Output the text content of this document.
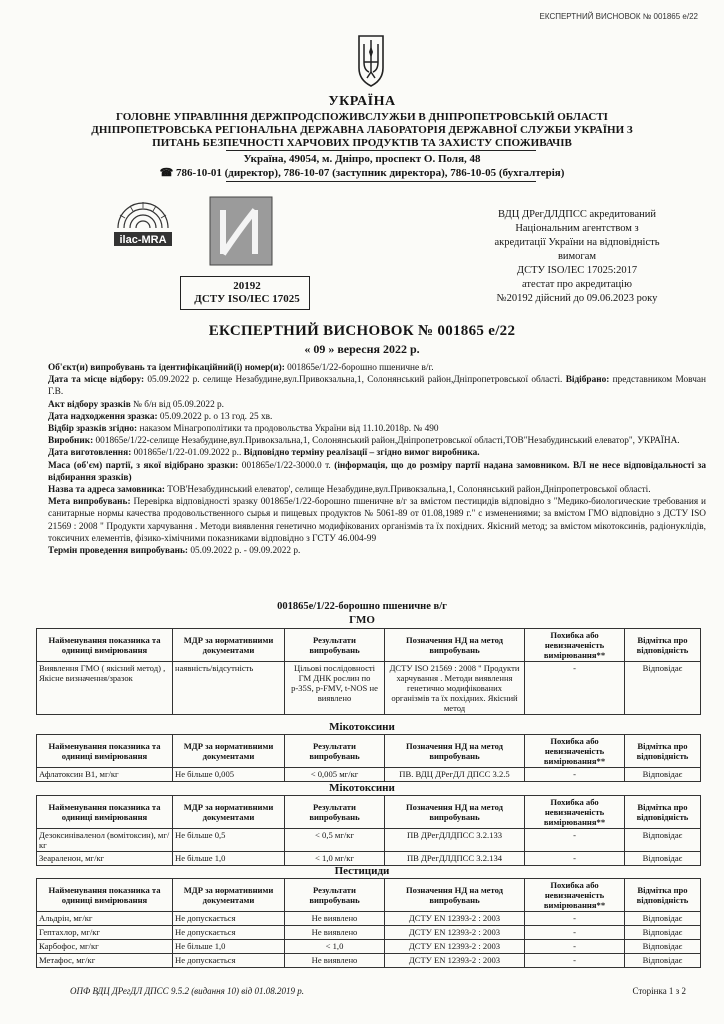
ЕКСПЕРТНИЙ ВИСНОВОК № 001865 е/22
УКРАЇНА
ГОЛОВНЕ УПРАВЛІННЯ ДЕРЖПРОДСПОЖИВСЛУЖБИ В ДНІПРОПЕТРОВСЬКІЙ ОБЛАСТІ
ДНІПРОПЕТРОВСЬКА РЕГІОНАЛЬНА ДЕРЖАВНА ЛАБОРАТОРІЯ ДЕРЖАВНОЇ СЛУЖБИ УКРАЇНИ З
ПИТАНЬ БЕЗПЕЧНОСТІ ХАРЧОВИХ ПРОДУКТІВ ТА ЗАХИСТУ СПОЖИВАЧІВ
Україна, 49054, м. Дніпро, проспект О. Поля, 48
☎ 786-10-01 (директор), 786-10-07 (заступник директора), 786-10-05 (бухгалтерія)
ilac-MRA
20192
ДСТУ ISO/IEC 17025
ВДЦ ДРегДЛДПСС акредитований
Національним агентством з
акредитації України на відповідність
вимогам
ДСТУ ISO/IEC 17025:2017
атестат про акредитацію
№20192 дійсний до 09.06.2023 року
ЕКСПЕРТНИЙ ВИСНОВОК № 001865 е/22
« 09 » вересня 2022 р.

Об'єкт(и) випробувань та ідентифікаційний(і) номер(и): 001865е/1/22-борошно пшеничне в/г.

Дата та місце відбору: 05.09.2022 р. селище Незабудине,вул.Привокзальна,1, Солонянський район,Дніпропетровської області. Відібрано: представником Мовчан Г.В.

Акт відбору зразків № б/н від 05.09.2022 р.

Дата надходження зразка: 05.09.2022 р. о 13 год. 25 хв.

Відбір зразків згідно: наказом Мінагрополітики та продовольства України від 11.10.2018р. № 490

Виробник: 001865е/1/22-селище Незабудине,вул.Привокзальна,1, Солонянський район,Дніпропетровської області,ТОВ"Незабудинський елеватор", УКРАЇНА.

Дата виготовлення: 001865е/1/22-01.09.2022 р.. Відповідно терміну реалізації – згідно вимог виробника.

Маса (об'єм) партії, з якої відібрано зразки: 001865е/1/22-3000.0 т. (інформація, що до розміру партії надана замовником. ВЛ не несе відповідальності за відбирання зразків)

Назва та адреса замовника: ТОВ'Незабудинський елеватор', селище Незабудине,вул.Привокзальна,1, Солонянський район,Дніпропетровської області.

Мета випробувань: Перевірка відповідності зразку 001865е/1/22-борошно пшеничне в/г за вмістом пестицидів відповідно з "Медико-биологические требования и санитарные нормы качества продовольственного сырья и пищевых продуктов № 5061-89 от 01.08,1989 г." с изменениями; за вмістом ГМО відповідно з ДСТУ ISO 21569 : 2008 " Продукти харчування . Методи виявлення генетично модифікованих організмів та їх похідних. Якісний метод; за вмістом мікотоксинів, радіонуклідів, токсичних елементів, фізико-хімічними показниками відповідно з ГСТУ 46.004-99

Термін проведення випробувань: 05.09.2022 р. - 09.09.2022 р.

001865е/1/22-борошно пшеничне в/г
ГМО
Найменування показника та одиниці вимірювання	МДР за нормативними документами	Результати випробувань	Позначення НД на метод випробувань	Похибка або невизначеність вимірювання**	Відмітка про відповідність
Виявлення ГМО ( якісний метод) , Якісне визначення/зразок	наявність/відсутність	Цільові послідовності ГМ ДНК рослин по р-35S, p-FMV, t-NOS не виявлено	ДСТУ ISO 21569 : 2008 " Продукти харчування . Методи виявлення генетично модифікованих організмів та їх похідних. Якісний метод	-	Відповідає
Мікотоксини
Найменування показника та одиниці вимірювання	МДР за нормативними документами	Результати випробувань	Позначення НД на метод випробувань	Похибка або невизначеність вимірювання**	Відмітка про відповідність
Афлатоксин В1, мг/кг	Не більше 0,005	< 0,005 мг/кг	ПВ. ВДЦ ДРегДЛ ДПСС 3.2.5	-	Відповідає
Мікотоксини
Найменування показника та одиниці вимірювання	МДР за нормативними документами	Результати випробувань	Позначення НД на метод випробувань	Похибка або невизначеність вимірювання**	Відмітка про відповідність
Дезоксиніваленол (вомітоксин), мг/кг	Не більше 0,5	< 0,5 мг/кг	ПВ ДРегДЛДПСС 3.2.133	-	Відповідає
Зеараленон, мг/кг	Не більше 1,0	< 1,0 мг/кг	ПВ ДРегДЛДПСС 3.2.134	-	Відповідає
Пестициди
Найменування показника та одиниці вимірювання	МДР за нормативними документами	Результати випробувань	Позначення НД на метод випробувань	Похибка або невизначеність вимірювання**	Відмітка про відповідність
Альдрін, мг/кг	Не допускається	Не виявлено	ДСТУ EN 12393-2 : 2003	-	Відповідає
Гептахлор, мг/кг	Не допускається	Не виявлено	ДСТУ EN 12393-2 : 2003	-	Відповідає
Карбофос, мг/кг	Не більше 1,0	< 1,0	ДСТУ EN 12393-2 : 2003	-	Відповідає
Метафос, мг/кг	Не допускається	Не виявлено	ДСТУ EN 12393-2 : 2003	-	Відповідає
ОПФ ВДЦ ДРегДЛ ДПСС 9.5.2 (видання 10) від 01.08.2019 р.	Сторінка 1 з 2
